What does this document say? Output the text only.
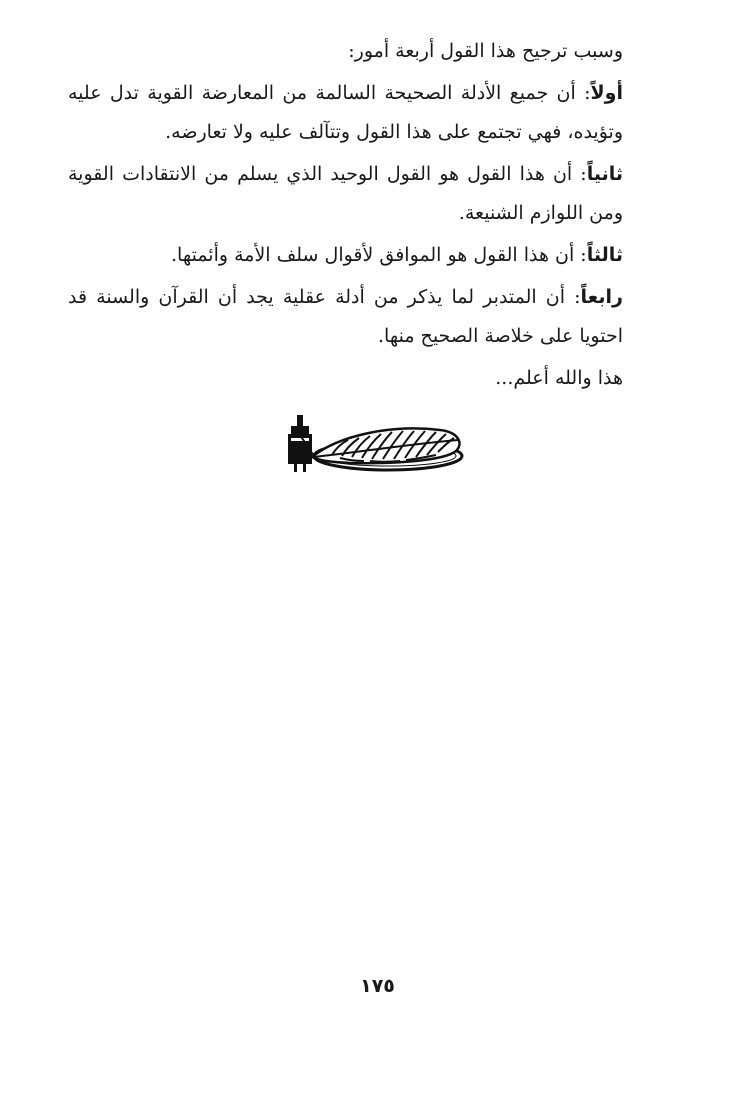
وسبب ترجيح هذا القول أربعة أمور:

أولاً: أن جميع الأدلة الصحيحة السالمة من المعارضة القوية تدل عليه وتؤيده، فهي تجتمع على هذا القول وتتآلف عليه ولا تعارضه.

ثانياً: أن هذا القول هو القول الوحيد الذي يسلم من الانتقادات القوية ومن اللوازم الشنيعة.

ثالثاً: أن هذا القول هو الموافق لأقوال سلف الأمة وأئمتها.

رابعاً: أن المتدبر لما يذكر من أدلة عقلية يجد أن القرآن والسنة قد احتويا على خلاصة الصحيح منها.

هذا والله أعلم...

١٧٥
